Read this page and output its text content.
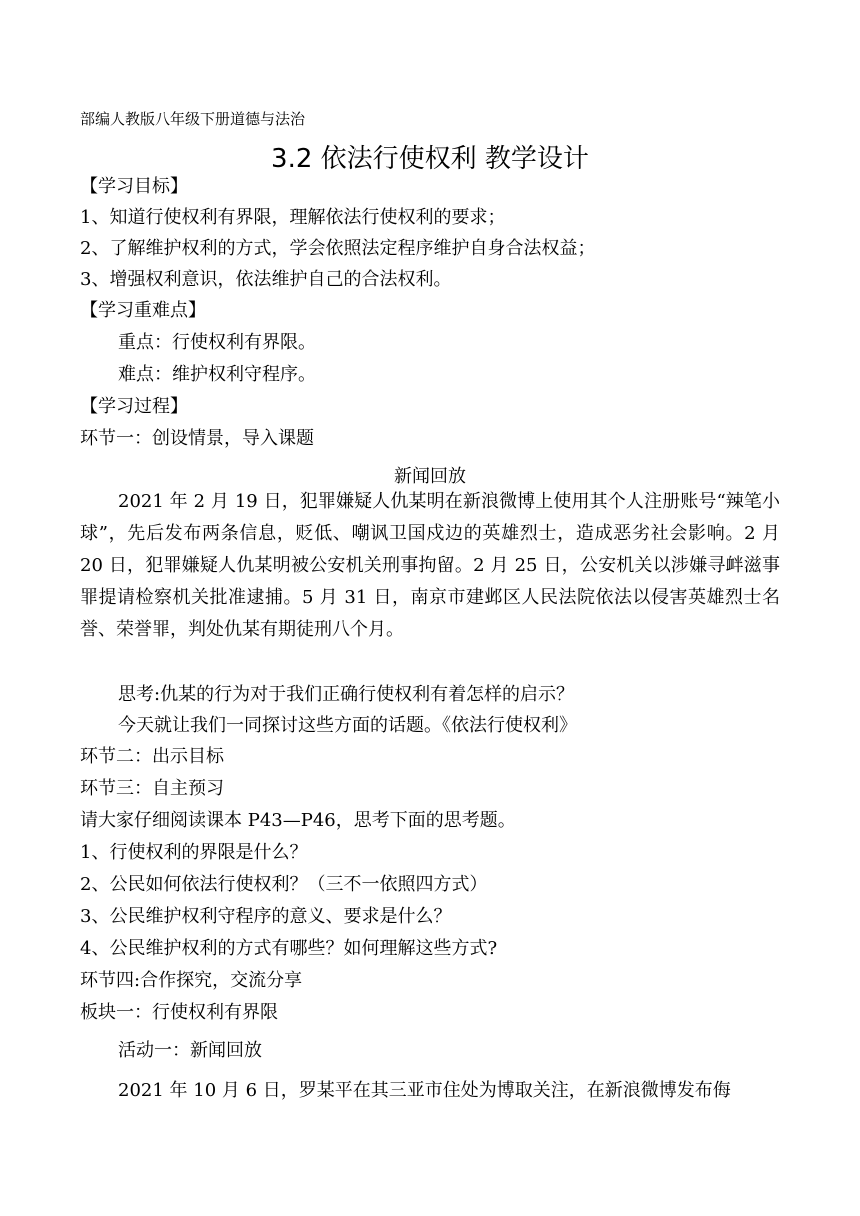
部编人教版八年级下册道德与法治
3.2 依法行使权利 教学设计
【学习目标】
1、知道行使权利有界限，理解依法行使权利的要求；
2、了解维护权利的方式，学会依照法定程序维护自身合法权益；
3、增强权利意识，依法维护自己的合法权利。
【学习重难点】
重点：行使权利有界限。
难点：维护权利守程序。
【学习过程】
环节一：创设情景，导入课题
新闻回放
2021 年 2 月 19 日，犯罪嫌疑人仇某明在新浪微博上使用其个人注册账号“辣笔小球”，先后发布两条信息，贬低、嘲讽卫国戍边的英雄烈士，造成恶劣社会影响。2 月 20 日，犯罪嫌疑人仇某明被公安机关刑事拘留。2 月 25 日，公安机关以涉嫌寻衅滋事罪提请检察机关批准逮捕。5 月 31 日，南京市建邺区人民法院依法以侵害英雄烈士名誉、荣誉罪，判处仇某有期徒刑八个月。
思考:仇某的行为对于我们正确行使权利有着怎样的启示？
今天就让我们一同探讨这些方面的话题。《依法行使权利》
环节二：出示目标
环节三：自主预习
请大家仔细阅读课本 P43—P46，思考下面的思考题。
1、行使权利的界限是什么？
2、公民如何依法行使权利？（三不一依照四方式）
3、公民维护权利守程序的意义、要求是什么？
4、公民维护权利的方式有哪些？如何理解这些方式?
环节四:合作探究，交流分享
板块一：行使权利有界限
活动一：新闻回放
2021 年 10 月 6 日，罗某平在其三亚市住处为博取关注，在新浪微博发布侮
